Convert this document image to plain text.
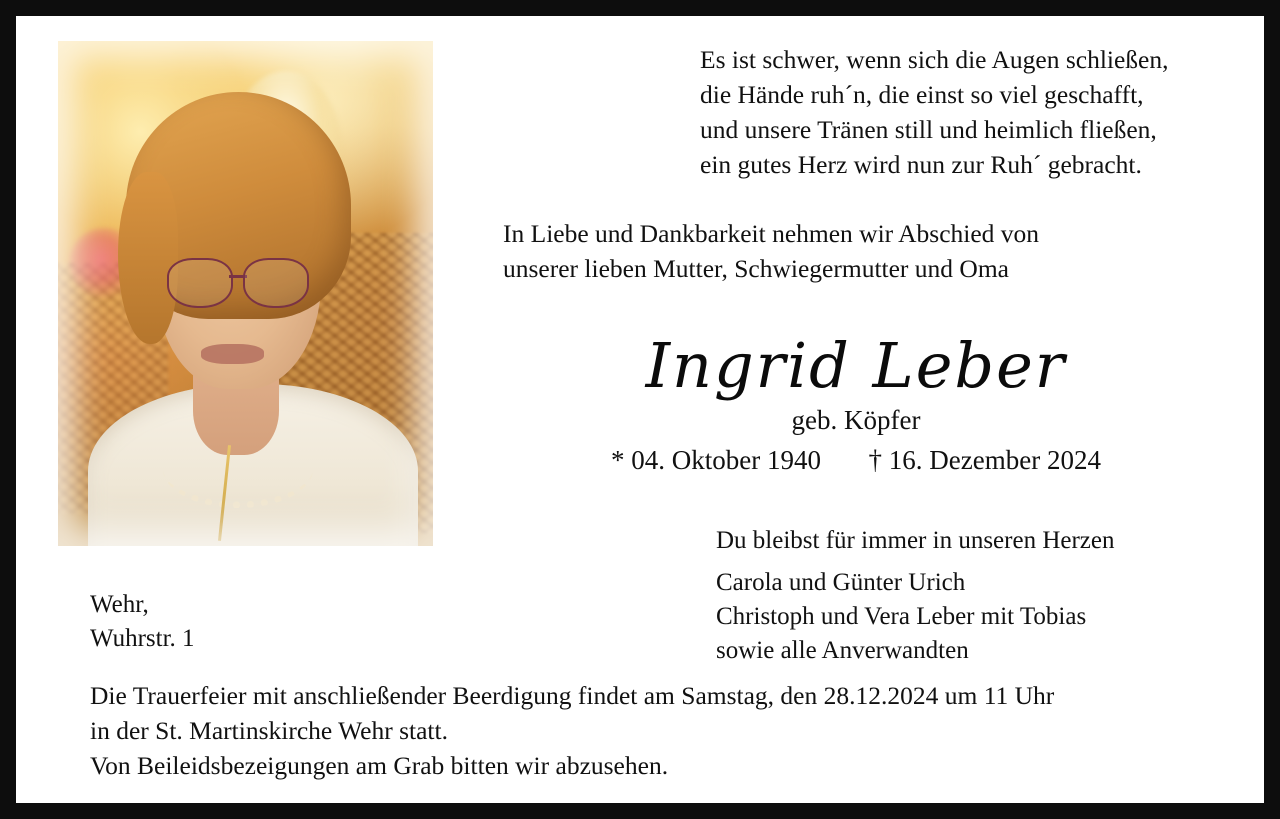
Es ist schwer, wenn sich die Augen schließen,
die Hände ruh´n, die einst so viel geschafft,
und unsere Tränen still und heimlich fließen,
ein gutes Herz wird nun zur Ruh´ gebracht.
In Liebe und Dankbarkeit nehmen wir Abschied von
unserer lieben Mutter, Schwiegermutter und Oma
Ingrid Leber
geb. Köpfer
* 04. Oktober 1940 † 16. Dezember 2024
Du bleibst für immer in unseren Herzen
Carola und Günter Urich
Christoph und Vera Leber mit Tobias
sowie alle Anverwandten
Wehr,
Wuhrstr. 1
Die Trauerfeier mit anschließender Beerdigung findet am Samstag, den 28.12.2024 um 11 Uhr
in der St. Martinskirche Wehr statt.
Von Beileidsbezeigungen am Grab bitten wir abzusehen.
